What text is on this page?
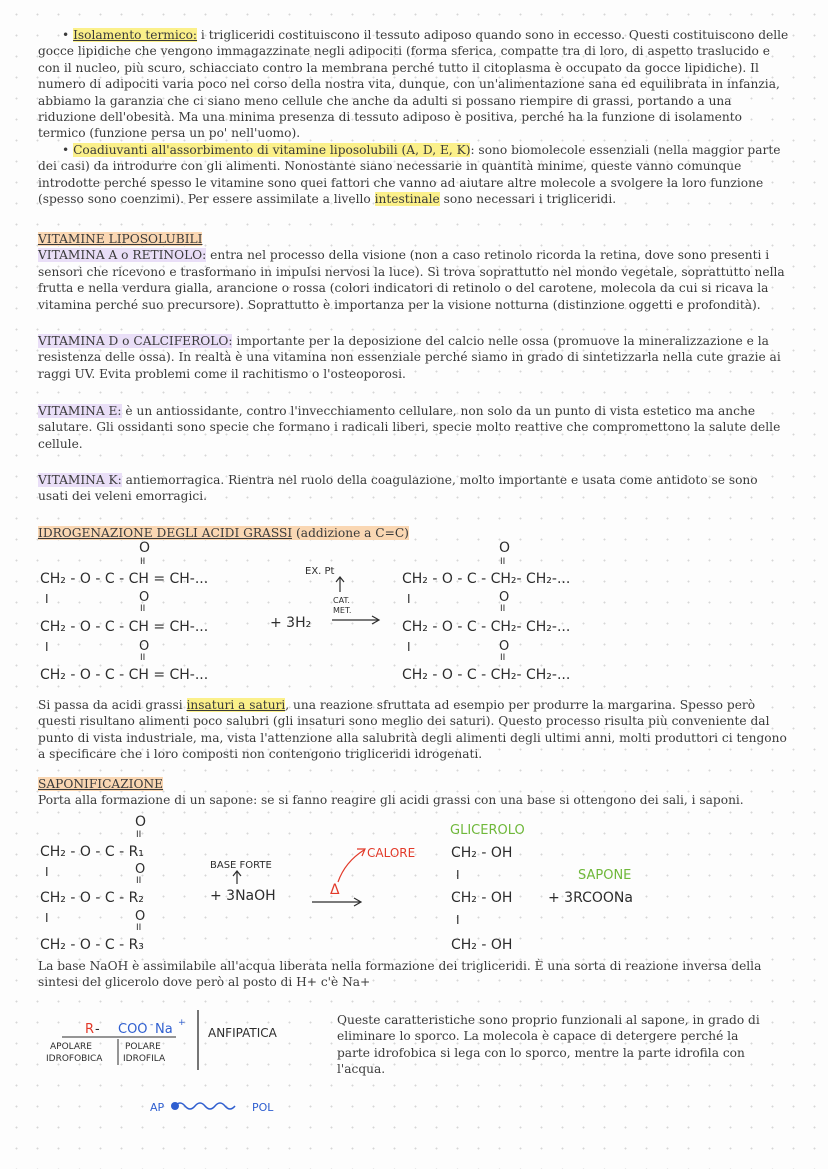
• Isolamento termico: i trigliceridi costituiscono il tessuto adiposo quando sono in eccesso. Questi costituiscono delle gocce lipidiche che vengono immagazzinate negli adipociti (forma sferica, compatte tra di loro, di aspetto traslucido e con il nucleo, più scuro, schiacciato contro la membrana perché tutto il citoplasma è occupato da gocce lipidiche). Il numero di adipociti varia poco nel corso della nostra vita, dunque, con un'alimentazione sana ed equilibrata in infanzia, abbiamo la garanzia che ci siano meno cellule che anche da adulti si possano riempire di grassi, portando a una riduzione dell'obesità. Ma una minima presenza di tessuto adiposo è positiva, perché ha la funzione di isolamento termico (funzione persa un po' nell'uomo).

• Coadiuvanti all'assorbimento di vitamine liposolubili (A, D, E, K): sono biomolecole essenziali (nella maggior parte dei casi) da introdurre con gli alimenti. Nonostante siano necessarie in quantità minime, queste vanno comunque introdotte perché spesso le vitamine sono quei fattori che vanno ad aiutare altre molecole a svolgere la loro funzione (spesso sono coenzimi). Per essere assimilate a livello intestinale sono necessari i trigliceridi.

VITAMINE LIPOSOLUBILI

VITAMINA A o RETINOLO: entra nel processo della visione (non a caso retinolo ricorda la retina, dove sono presenti i sensori che ricevono e trasformano in impulsi nervosi la luce). Si trova soprattutto nel mondo vegetale, soprattutto nella frutta e nella verdura gialla, arancione o rossa (colori indicatori di retinolo o del carotene, molecola da cui si ricava la vitamina perché suo precursore). Soprattutto è importanza per la visione notturna (distinzione oggetti e profondità).

VITAMINA D o CALCIFEROLO: importante per la deposizione del calcio nelle ossa (promuove la mineralizzazione e la resistenza delle ossa). In realtà è una vitamina non essenziale perché siamo in grado di sintetizzarla nella cute grazie ai raggi UV. Evita problemi come il rachitismo o l'osteoporosi.

VITAMINA E: è un antiossidante, contro l'invecchiamento cellulare, non solo da un punto di vista estetico ma anche salutare. Gli ossidanti sono specie che formano i radicali liberi, specie molto reattive che compromettono la salute delle cellule.

VITAMINA K: antiemorragica. Rientra nel ruolo della coagulazione, molto importante e usata come antidoto se sono usati dei veleni emorragici.

IDROGENAZIONE DEGLI ACIDI GRASSI (addizione a C=C)

O
II
CH₂ - O - C - CH = CH-...
I	O
II
CH₂ - O - C - CH = CH-...
I	O
II
CH₂ - O - C - CH = CH-...
+ 3H₂
EX. Pt
CAT.
MET.
O
II
CH₂ - O - C - CH₂- CH₂-...
I	O
II
CH₂ - O - C - CH₂- CH₂-...
I	O
II
CH₂ - O - C - CH₂- CH₂-...

Si passa da acidi grassi insaturi a saturi, una reazione sfruttata ad esempio per produrre la margarina. Spesso però questi risultano alimenti poco salubri (gli insaturi sono meglio dei saturi). Questo processo risulta più conveniente dal punto di vista industriale, ma, vista l'attenzione alla salubrità degli alimenti degli ultimi anni, molti produttori ci tengono a specificare che i loro composti non contengono trigliceridi idrogenati.

SAPONIFICAZIONE

Porta alla formazione di un sapone: se si fanno reagire gli acidi grassi con una base si ottengono dei sali, i saponi.

O
II
CH₂ - O - C - R₁
I	O
II
CH₂ - O - C - R₂
I	O
II
CH₂ - O - C - R₃
BASE FORTE
+ 3NaOH	Δ
CALORE
GLICEROLO
CH₂ - OH
I
CH₂ - OH
I
CH₂ - OH
SAPONE
+ 3RCOONa

La base NaOH è assimilabile all'acqua liberata nella formazione dei trigliceridi. È una sorta di reazione inversa della sintesi del glicerolo dove però al posto di H+ c'è Na+

R - COO - Na +
APOLARE
IDROFOBICA
POLARE
IDROFILA
ANFIPATICA
AP	POL

Queste caratteristiche sono proprio funzionali al sapone, in grado di eliminare lo sporco. La molecola è capace di detergere perché la parte idrofobica si lega con lo sporco, mentre la parte idrofila con l'acqua.
